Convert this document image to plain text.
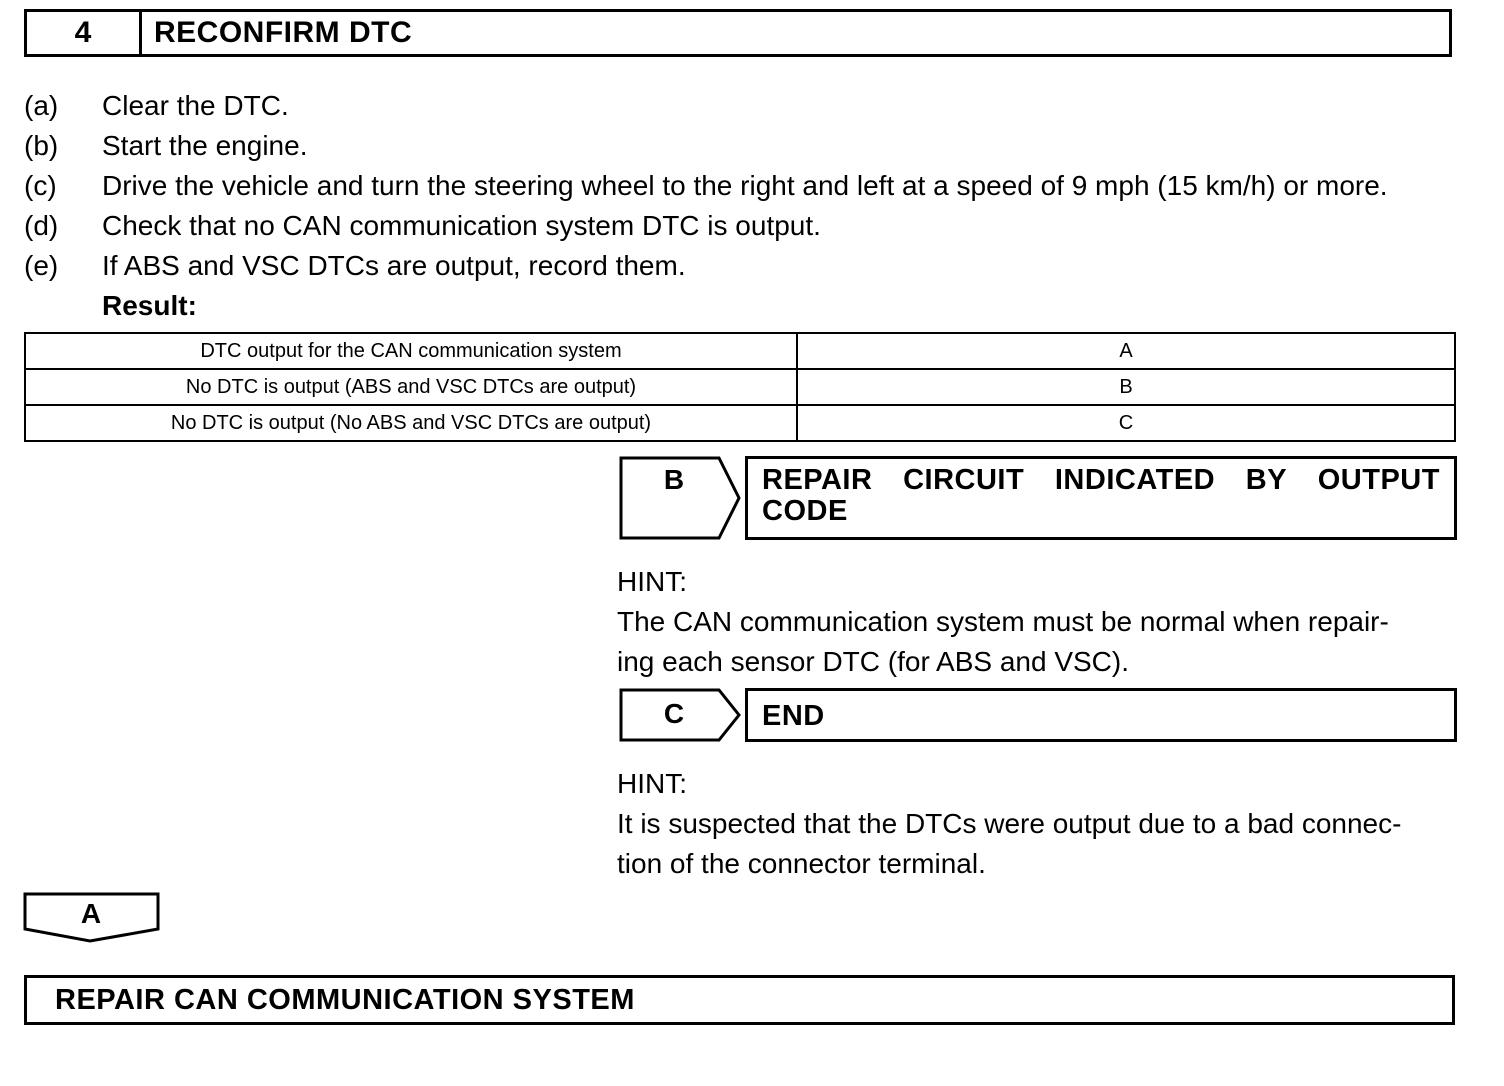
4	RECONFIRM DTC
(a)	Clear the DTC.
(b)	Start the engine.
(c)	Drive the vehicle and turn the steering wheel to the right and left at a speed of 9 mph (15 km/h) or more.
(d)	Check that no CAN communication system DTC is output.
(e)	If ABS and VSC DTCs are output, record them.
Result:
DTC output for the CAN communication system	A
No DTC is output (ABS and VSC DTCs are output)	B
No DTC is output (No ABS and VSC DTCs are output)	C
B	REPAIR CIRCUIT INDICATED BY OUTPUT
CODE
HINT:
The CAN communication system must be normal when repair-
ing each sensor DTC (for ABS and VSC).
C	END
HINT:
It is suspected that the DTCs were output due to a bad connec-
tion of the connector terminal.
A
REPAIR CAN COMMUNICATION SYSTEM
